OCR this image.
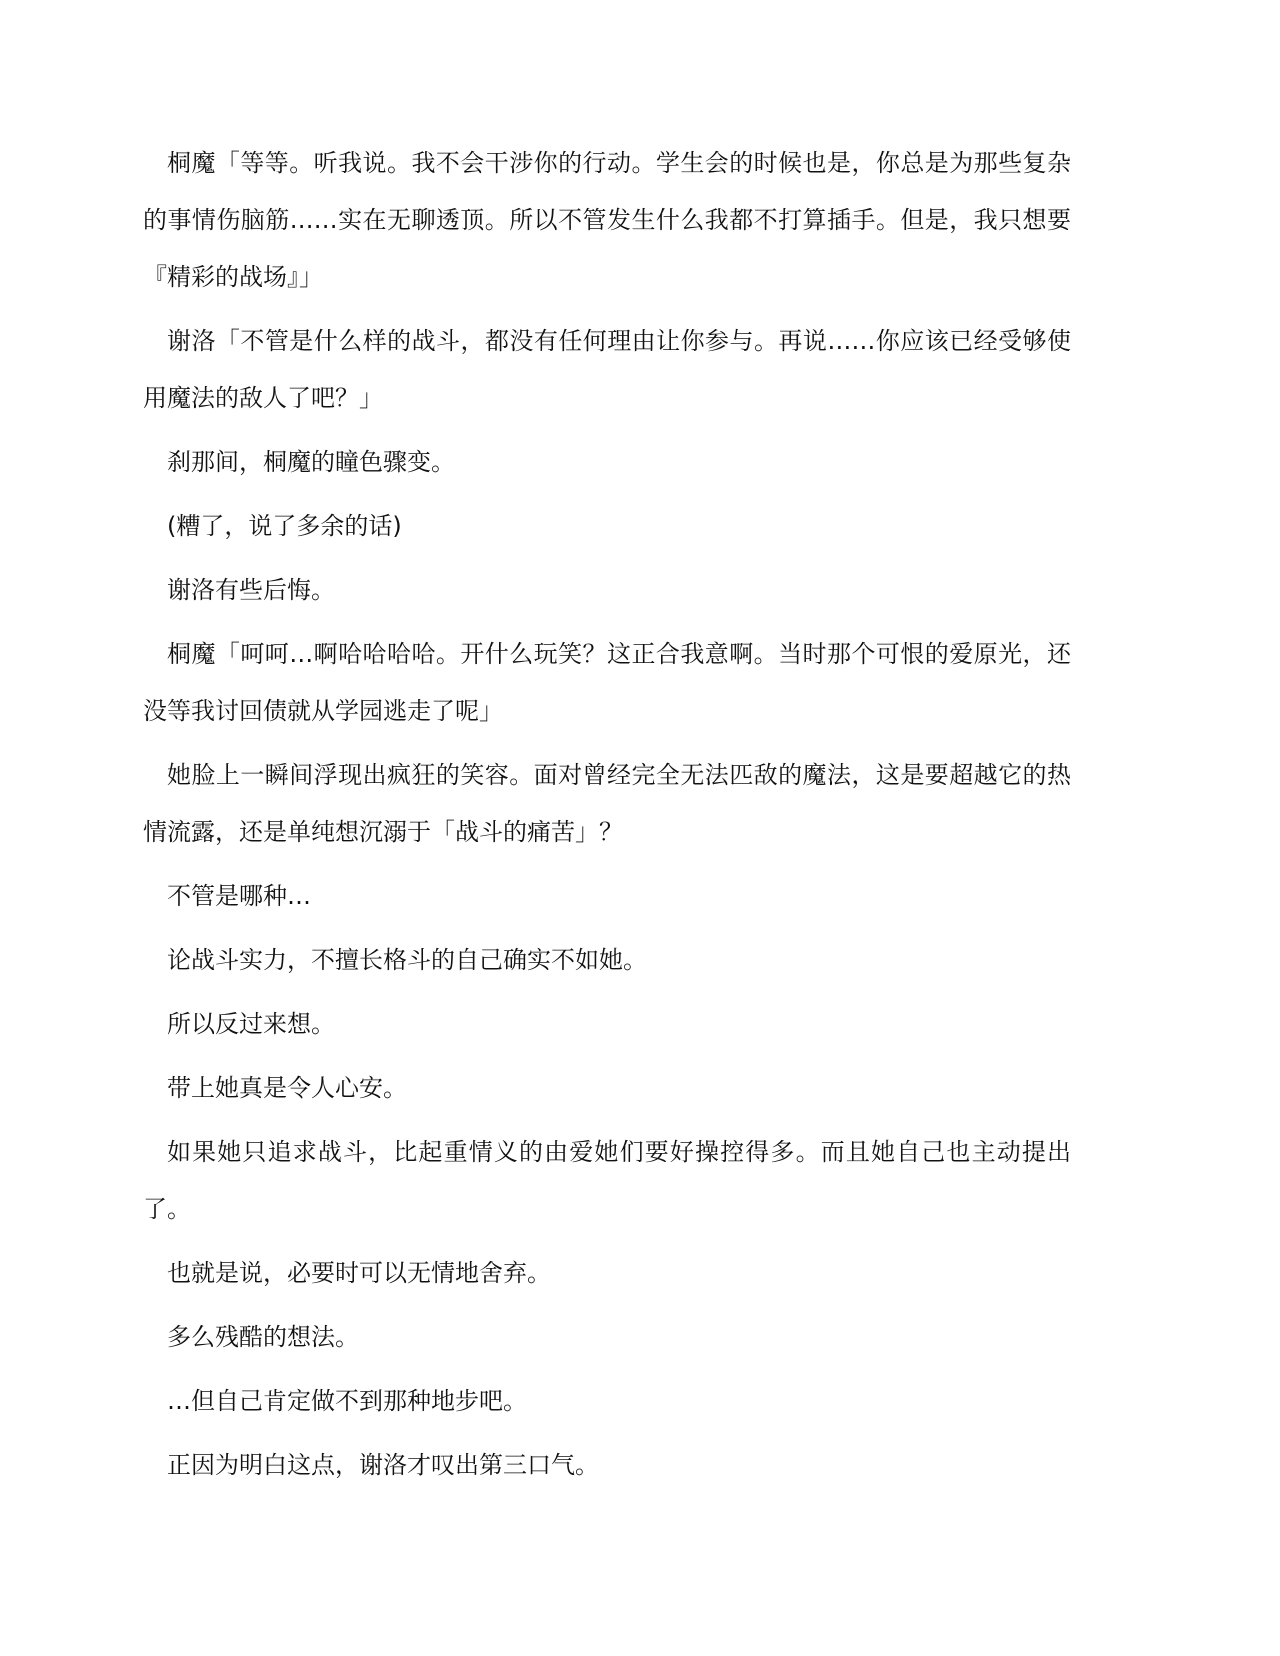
桐魔「等等。听我说。我不会干涉你的行动。学生会的时候也是，你总是为那些复杂的事情伤脑筋……实在无聊透顶。所以不管发生什么我都不打算插手。但是，我只想要『精彩的战场』」

谢洛「不管是什么样的战斗，都没有任何理由让你参与。再说……你应该已经受够使用魔法的敌人了吧？」

刹那间，桐魔的瞳色骤变。

(糟了，说了多余的话)

谢洛有些后悔。

桐魔「呵呵…啊哈哈哈哈。开什么玩笑？这正合我意啊。当时那个可恨的爱原光，还没等我讨回债就从学园逃走了呢」

她脸上一瞬间浮现出疯狂的笑容。面对曾经完全无法匹敌的魔法，这是要超越它的热情流露，还是单纯想沉溺于「战斗的痛苦」？

不管是哪种…

论战斗实力，不擅长格斗的自己确实不如她。

所以反过来想。

带上她真是令人心安。

如果她只追求战斗，比起重情义的由爱她们要好操控得多。而且她自己也主动提出了。

也就是说，必要时可以无情地舍弃。

多么残酷的想法。

…但自己肯定做不到那种地步吧。

正因为明白这点，谢洛才叹出第三口气。
